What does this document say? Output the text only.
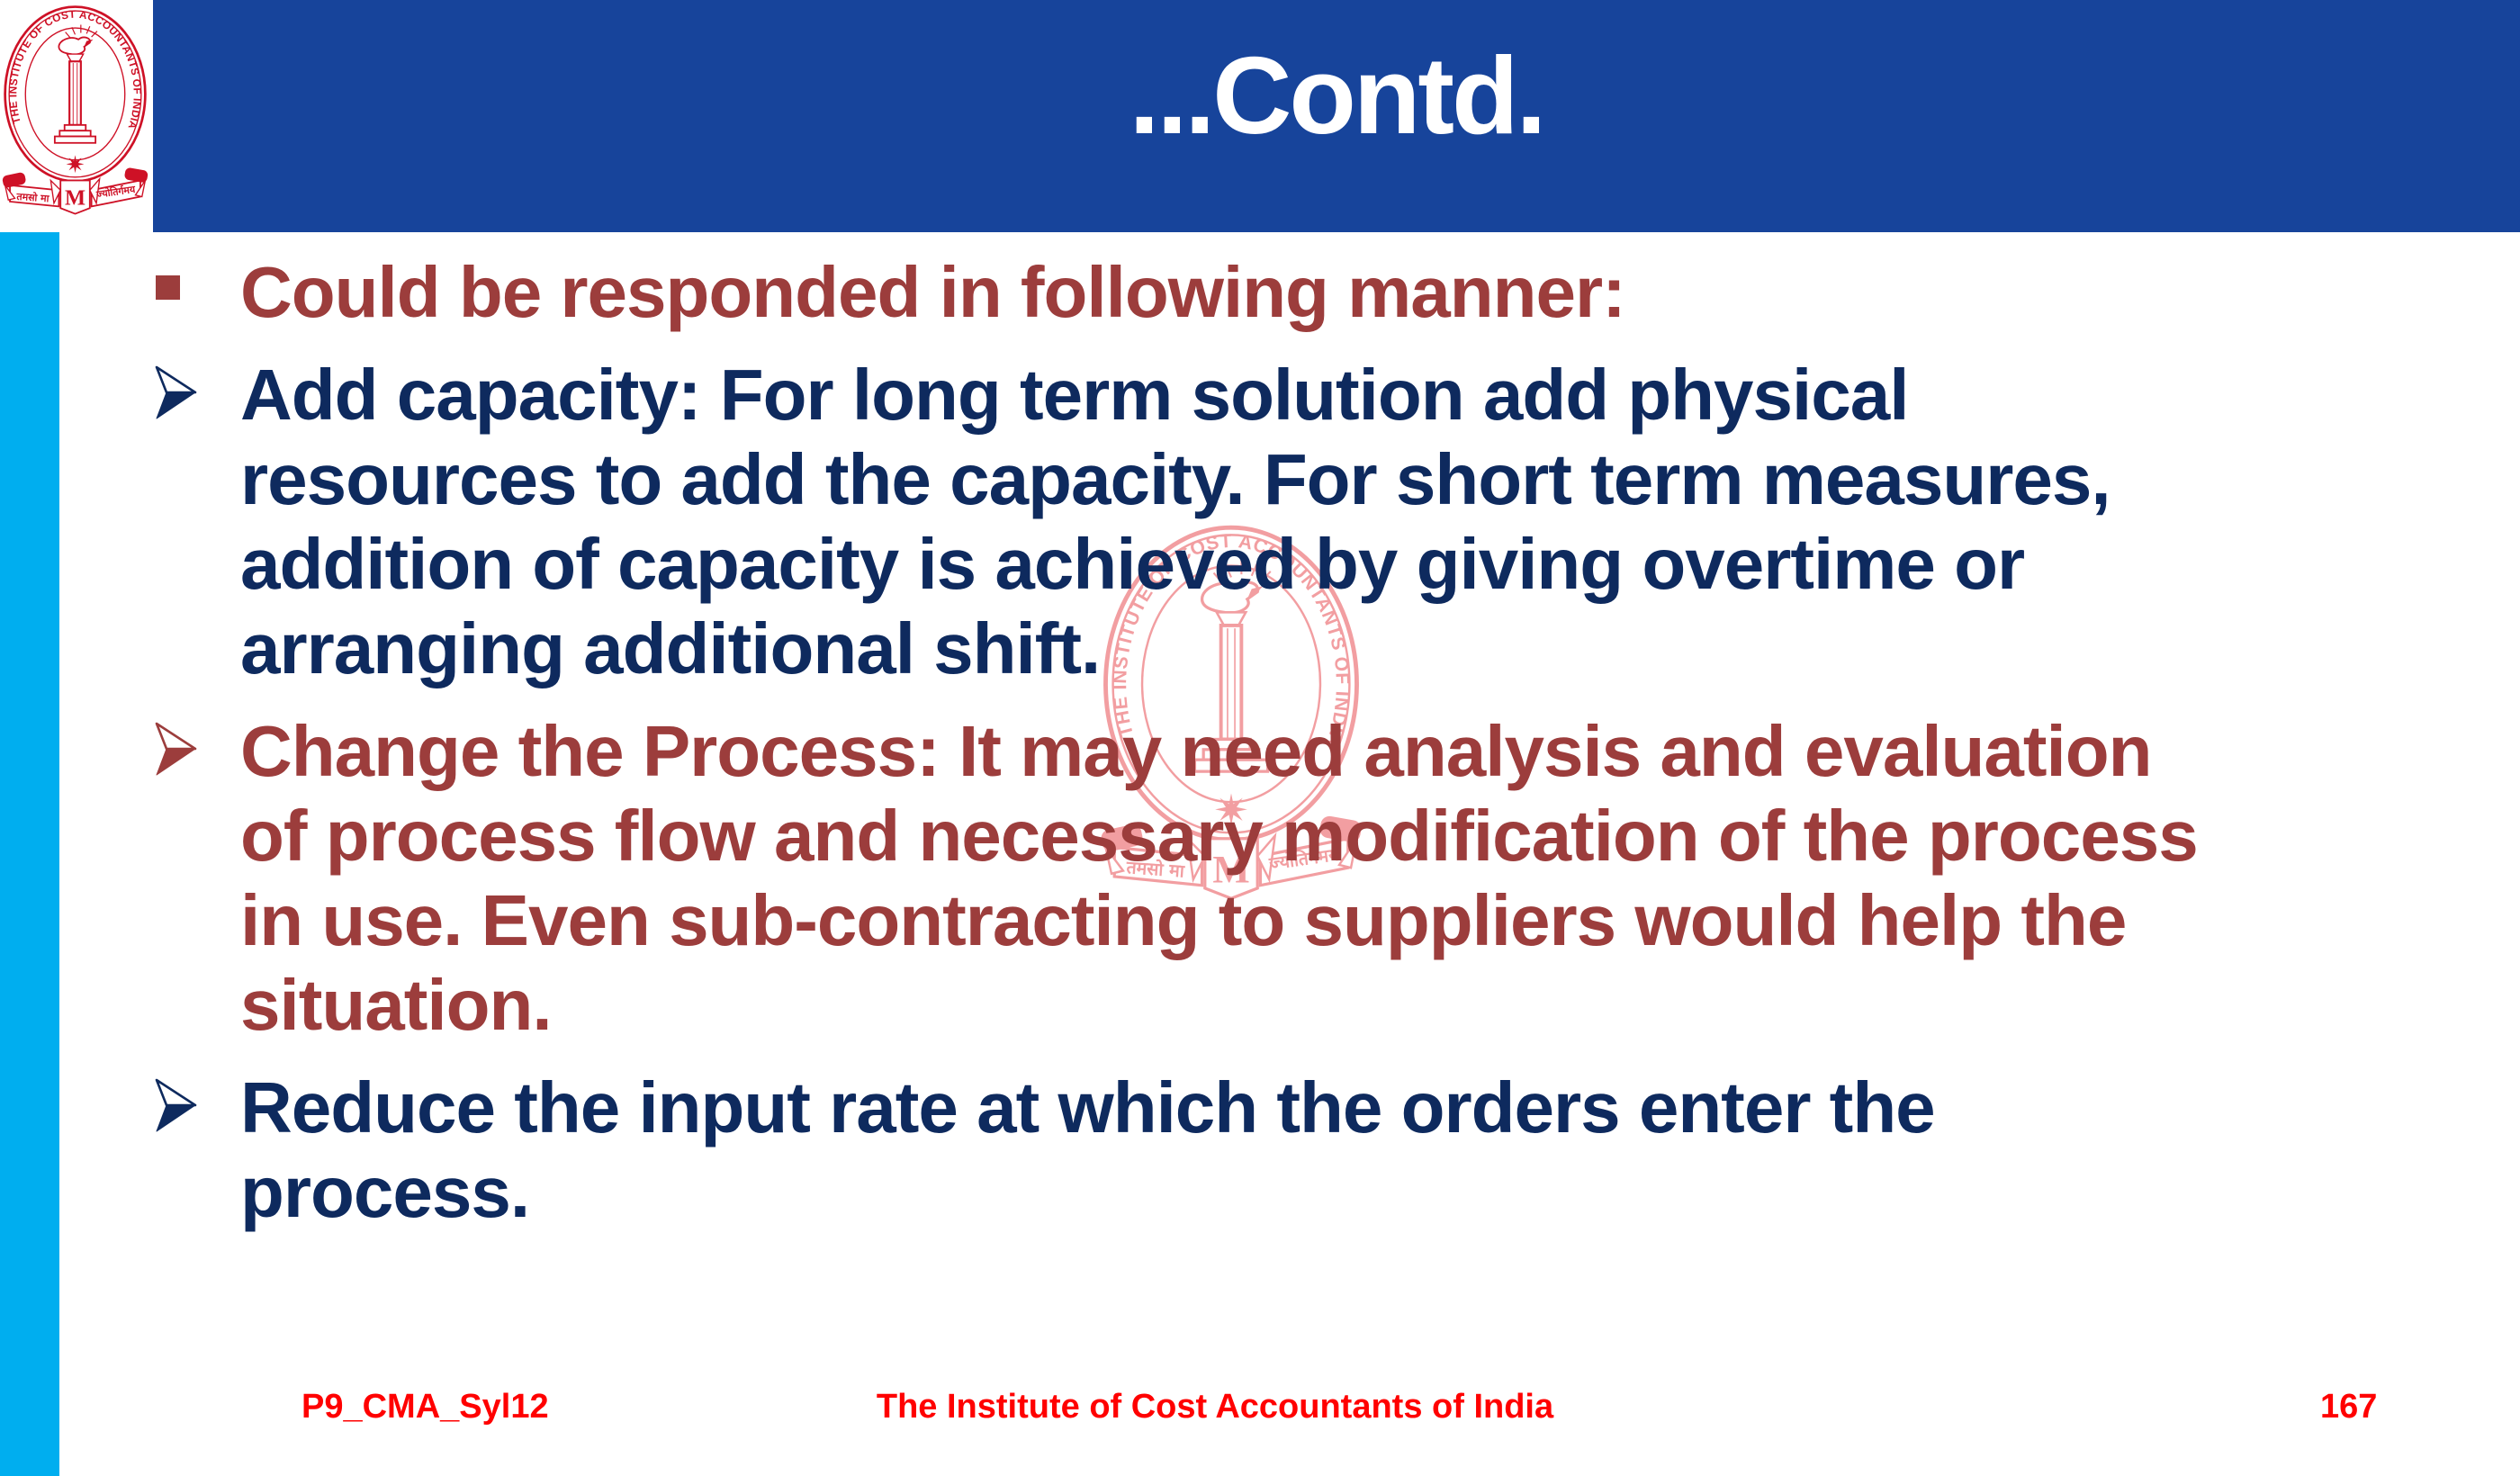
...Contd.
Could be responded in following manner:
Add capacity: For long term solution add physical
resources to add the capacity. For short term measures,
addition of capacity is achieved by giving overtime or
arranging additional shift.
Change the Process: It may need analysis and evaluation
of process flow and necessary modification of the process
in use. Even sub-contracting to suppliers would help the
situation.
Reduce the input rate at which the orders enter the
process.
P9_CMA_Syl12	The Institute of Cost Accountants of India	167
